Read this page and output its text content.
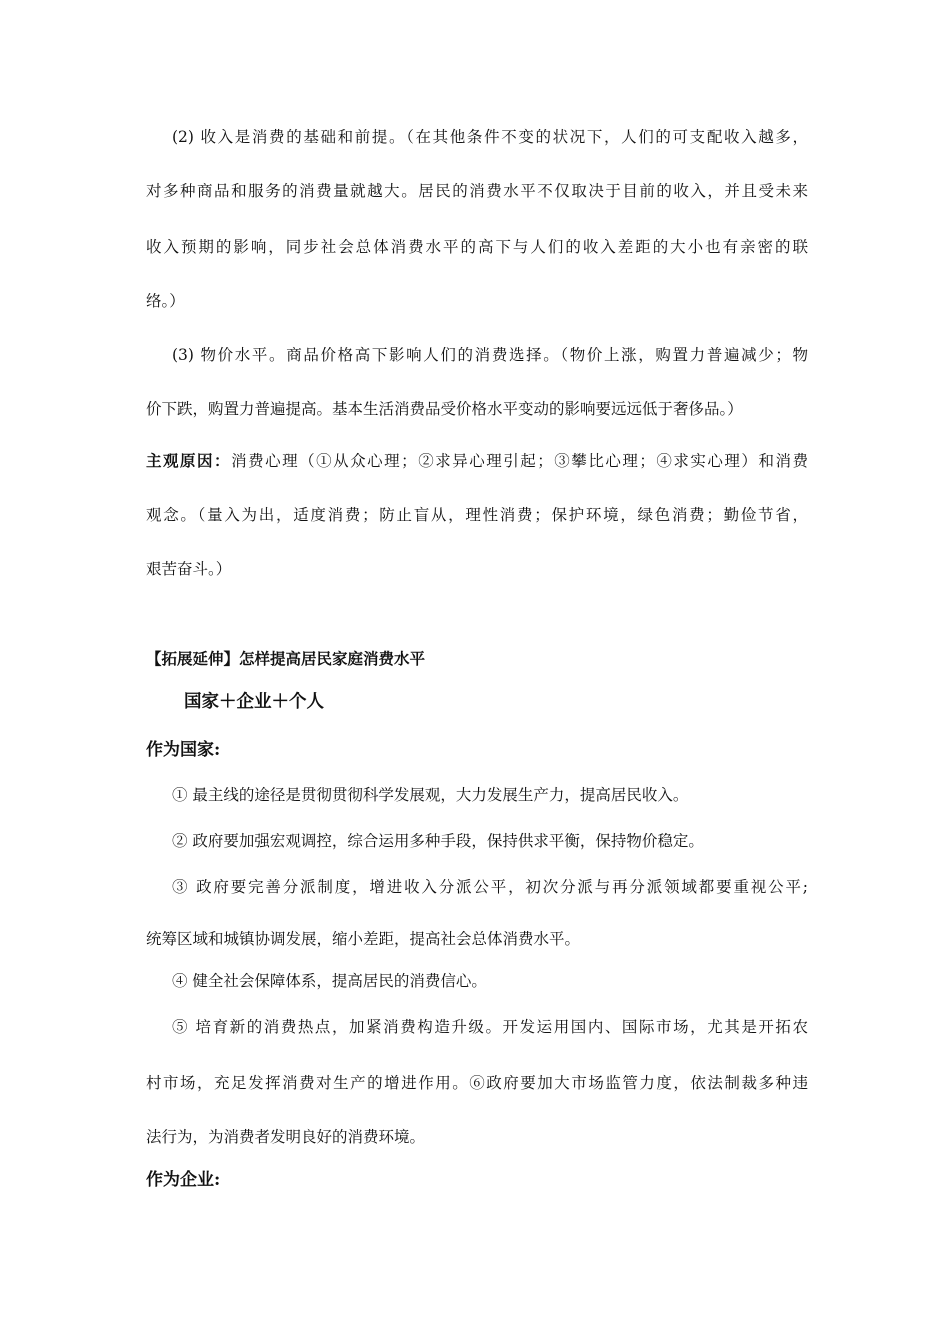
(2) 收入是消费的基础和前提。（在其他条件不变的状况下，人们的可支配收入越多，
对多种商品和服务的消费量就越大。居民的消费水平不仅取决于目前的收入，并且受未来
收入预期的影响，同步社会总体消费水平的高下与人们的收入差距的大小也有亲密的联
络。）
(3) 物价水平。商品价格高下影响人们的消费选择。（物价上涨，购置力普遍减少；物
价下跌，购置力普遍提高。基本生活消费品受价格水平变动的影响要远远低于奢侈品。）
主观原因：消费心理（①从众心理；②求异心理引起；③攀比心理；④求实心理）和消费
观念。（量入为出，适度消费；防止盲从，理性消费；保护环境，绿色消费；勤俭节省，
艰苦奋斗。）
【拓展延伸】怎样提高居民家庭消费水平
国家＋企业＋个人
作为国家:
① 最主线的途径是贯彻贯彻科学发展观，大力发展生产力，提高居民收入。
② 政府要加强宏观调控，综合运用多种手段，保持供求平衡，保持物价稳定。
③ 政府要完善分派制度，增进收入分派公平，初次分派与再分派领域都要重视公平;
统筹区域和城镇协调发展，缩小差距，提高社会总体消费水平。
④ 健全社会保障体系，提高居民的消费信心。
⑤ 培育新的消费热点，加紧消费构造升级。开发运用国内、国际市场，尤其是开拓农
村市场，充足发挥消费对生产的增进作用。⑥政府要加大市场监管力度，依法制裁多种违
法行为，为消费者发明良好的消费环境。
作为企业:
